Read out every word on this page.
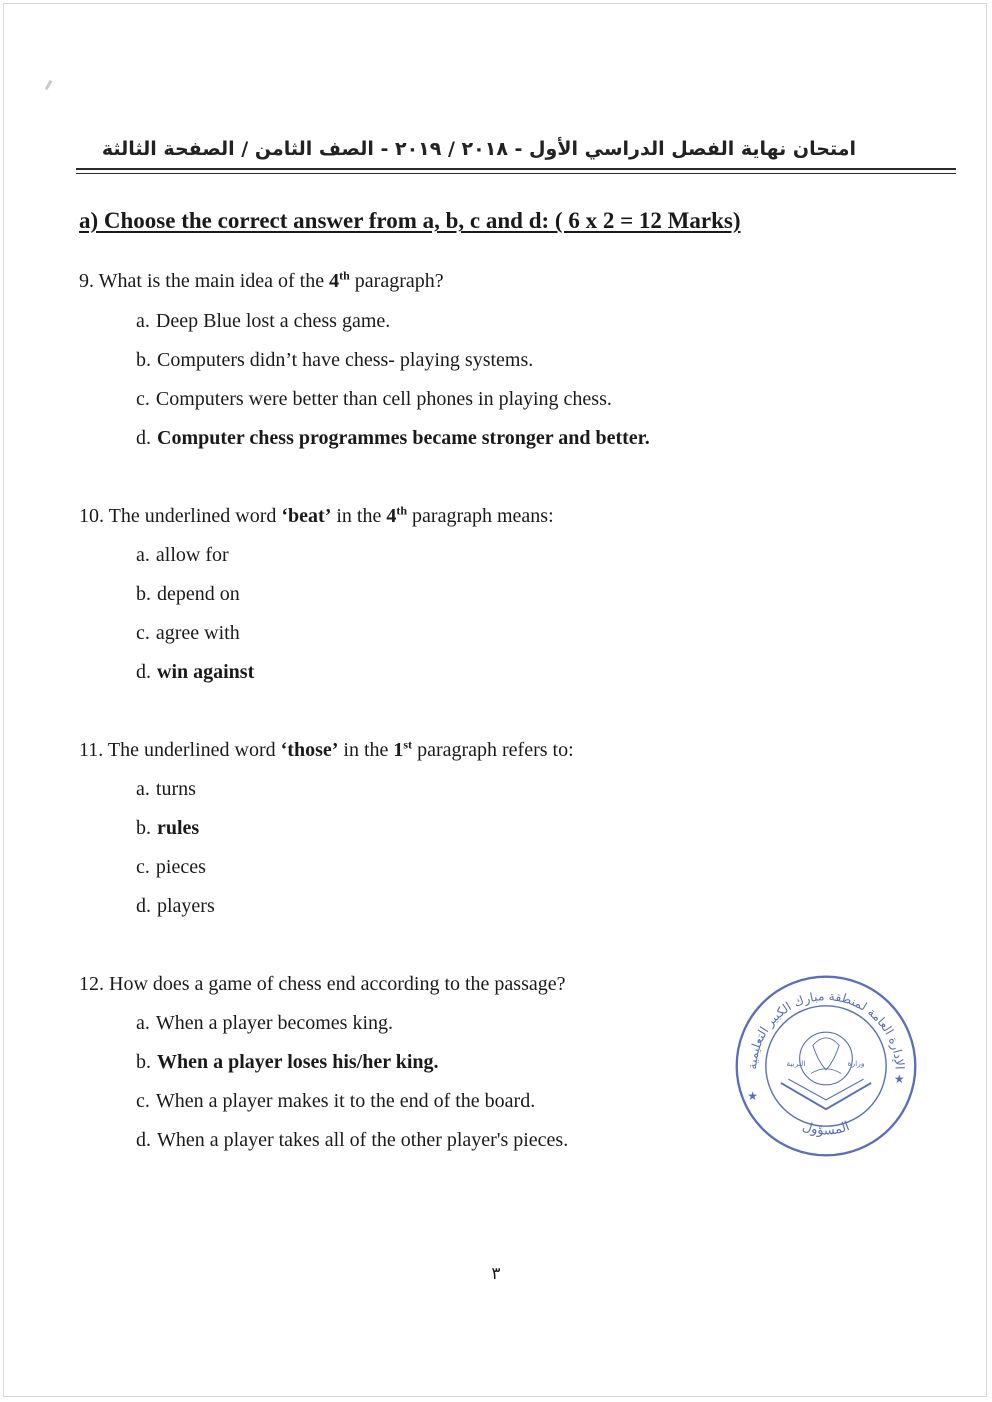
امتحان نهاية الفصل الدراسي الأول - ٢٠١٨ / ٢٠١٩ - الصف الثامن / الصفحة الثالثة
a) Choose the correct answer from a, b, c and d: ( 6 x 2 = 12 Marks)
9. What is the main idea of the 4th paragraph?
a. Deep Blue lost a chess game.
b. Computers didn’t have chess- playing systems.
c. Computers were better than cell phones in playing chess.
d. Computer chess programmes became stronger and better.
10. The underlined word ‘beat’ in the 4th paragraph means:
a. allow for
b. depend on
c. agree with
d. win against
11. The underlined word ‘those’ in the 1st paragraph refers to:
a. turns
b. rules
c. pieces
d. players
12. How does a game of chess end according to the passage?
a. When a player becomes king.
b. When a player loses his/her king.
c. When a player makes it to the end of the board.
d. When a player takes all of the other player's pieces.
الإدارة العامة لمنطقة مبارك الكبير التعليمية
المسؤول
التربية	وزارة
★
★
٣
